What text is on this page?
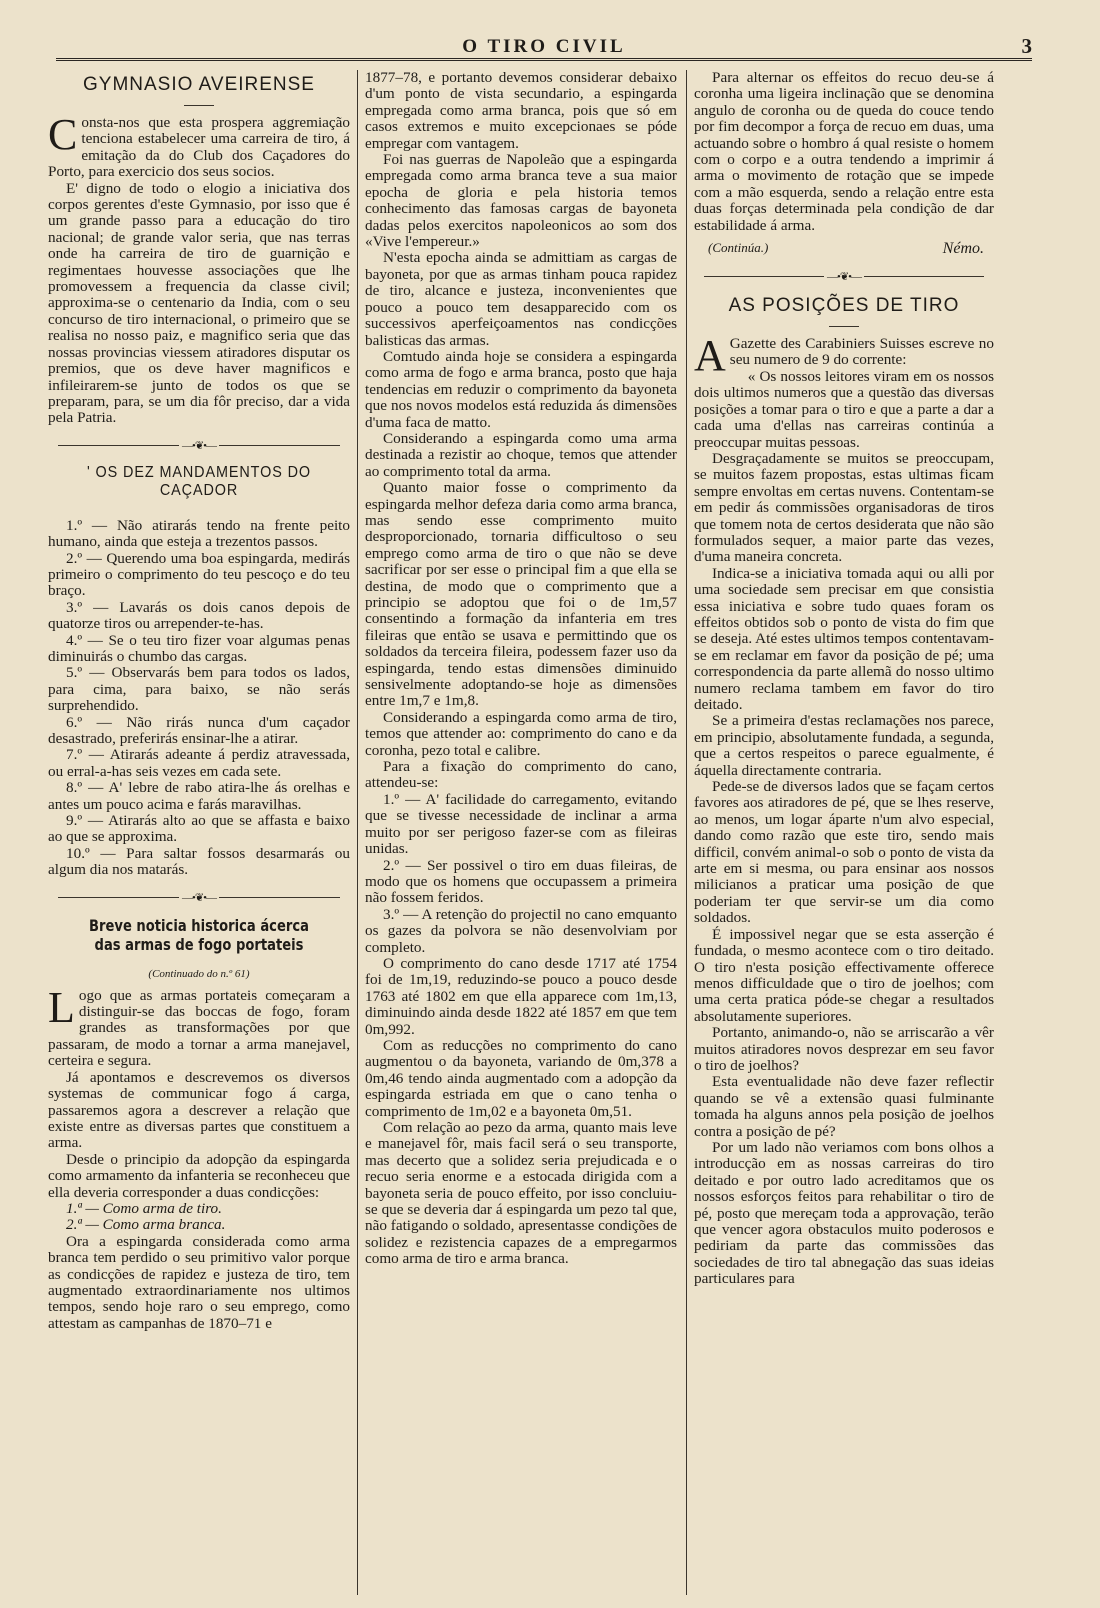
O TIRO CIVIL	3
GYMNASIO AVEIRENSE

Consta-nos que esta prospera aggremiação tenciona estabelecer uma carreira de tiro, á emitação da do Club dos Caçadores do Porto, para exercicio dos seus socios.

E' digno de todo o elogio a iniciativa dos corpos gerentes d'este Gymnasio, por isso que é um grande passo para a educação do tiro nacional; de grande valor seria, que nas terras onde ha carreira de tiro de guarnição e regimentaes houvesse associações que lhe promovessem a frequencia da classe civil; approxima-se o centenario da India, com o seu concurso de tiro internacional, o primeiro que se realisa no nosso paiz, e magnifico seria que das nossas provincias viessem atiradores disputar os premios, que os deve haver magnificos e infileirarem-se junto de todos os que se preparam, para, se um dia fôr preciso, dar a vida pela Patria.

—•❦•—
' OS DEZ MANDAMENTOS DO CAÇADOR

1.º — Não atirarás tendo na frente peito humano, ainda que esteja a trezentos passos.

2.º — Querendo uma boa espingarda, medirás primeiro o comprimento do teu pescoço e do teu braço.

3.º — Lavarás os dois canos depois de quatorze tiros ou arrepender-te-has.

4.º — Se o teu tiro fizer voar algumas penas diminuirás o chumbo das cargas.

5.º — Observarás bem para todos os lados, para cima, para baixo, se não serás surprehendido.

6.º — Não rirás nunca d'um caçador desastrado, preferirás ensinar-lhe a atirar.

7.º — Atirarás adeante á perdiz atravessada, ou erral-a-has seis vezes em cada sete.

8.º — A' lebre de rabo atira-lhe ás orelhas e antes um pouco acima e farás maravilhas.

9.º — Atirarás alto ao que se affasta e baixo ao que se approxima.

10.º — Para saltar fossos desarmarás ou algum dia nos matarás.

—•❦•—
Breve noticia historica ácerca das armas de fogo portateis
(Continuado do n.º 61)

Logo que as armas portateis começaram a distinguir-se das boccas de fogo, foram grandes as transformações por que passaram, de modo a tornar a arma manejavel, certeira e segura.

Já apontamos e descrevemos os diversos systemas de communicar fogo á carga, passaremos agora a descrever a relação que existe entre as diversas partes que constituem a arma.

Desde o principio da adopção da espingarda como armamento da infanteria se reconheceu que ella deveria corresponder a duas condicções:

1.ª — Como arma de tiro.

2.ª — Como arma branca.

Ora a espingarda considerada como arma branca tem perdido o seu primitivo valor porque as condicções de rapidez e justeza de tiro, tem augmentado extraordinariamente nos ultimos tempos, sendo hoje raro o seu emprego, como attestam as campanhas de 1870–71 e

1877–78, e portanto devemos considerar debaixo d'um ponto de vista secundario, a espingarda empregada como arma branca, pois que só em casos extremos e muito excepcionaes se póde empregar com vantagem.

Foi nas guerras de Napoleão que a espingarda empregada como arma branca teve a sua maior epocha de gloria e pela historia temos conhecimento das famosas cargas de bayoneta dadas pelos exercitos napoleonicos ao som dos «Vive l'empereur.»

N'esta epocha ainda se admittiam as cargas de bayoneta, por que as armas tinham pouca rapidez de tiro, alcance e justeza, inconvenientes que pouco a pouco tem desapparecido com os successivos aperfeiçoamentos nas condicções balisticas das armas.

Comtudo ainda hoje se considera a espingarda como arma de fogo e arma branca, posto que haja tendencias em reduzir o comprimento da bayoneta que nos novos modelos está reduzida ás dimensões d'uma faca de matto.

Considerando a espingarda como uma arma destinada a rezistir ao choque, temos que attender ao comprimento total da arma.

Quanto maior fosse o comprimento da espingarda melhor defeza daria como arma branca, mas sendo esse comprimento muito desproporcionado, tornaria difficultoso o seu emprego como arma de tiro o que não se deve sacrificar por ser esse o principal fim a que ella se destina, de modo que o comprimento que a principio se adoptou que foi o de 1m,57 consentindo a formação da infanteria em tres fileiras que então se usava e permittindo que os soldados da terceira fileira, podessem fazer uso da espingarda, tendo estas dimensões diminuido sensivelmente adoptando-se hoje as dimensões entre 1m,7 e 1m,8.

Considerando a espingarda como arma de tiro, temos que attender ao: comprimento do cano e da coronha, pezo total e calibre.

Para a fixação do comprimento do cano, attendeu-se:

1.º — A' facilidade do carregamento, evitando que se tivesse necessidade de inclinar a arma muito por ser perigoso fazer-se com as fileiras unidas.

2.º — Ser possivel o tiro em duas fileiras, de modo que os homens que occupassem a primeira não fossem feridos.

3.º — A retenção do projectil no cano emquanto os gazes da polvora se não desenvolviam por completo.

O comprimento do cano desde 1717 até 1754 foi de 1m,19, reduzindo-se pouco a pouco desde 1763 até 1802 em que ella apparece com 1m,13, diminuindo ainda desde 1822 até 1857 em que tem 0m,992.

Com as reducções no comprimento do cano augmentou o da bayoneta, variando de 0m,378 a 0m,46 tendo ainda augmentado com a adopção da espingarda estriada em que o cano tenha o comprimento de 1m,02 e a bayoneta 0m,51.

Com relação ao pezo da arma, quanto mais leve e manejavel fôr, mais facil será o seu transporte, mas decerto que a solidez seria prejudicada e o recuo seria enorme e a estocada dirigida com a bayoneta seria de pouco effeito, por isso concluiu-se que se deveria dar á espingarda um pezo tal que, não fatigando o soldado, apresentasse condições de solidez e rezistencia capazes de a empregarmos como arma de tiro e arma branca.

Para alternar os effeitos do recuo deu-se á coronha uma ligeira inclinação que se denomina angulo de coronha ou de queda do couce tendo por fim decompor a força de recuo em duas, uma actuando sobre o hombro á qual resiste o homem com o corpo e a outra tendendo a imprimir á arma o movimento de rotação que se impede com a mão esquerda, sendo a relação entre esta duas forças determinada pela condição de dar estabilidade á arma.

(Continúa.)	Némo.
—•❦•—
AS POSIÇÕES DE TIRO

A Gazette des Carabiniers Suisses escreve no seu numero de 9 do corrente:

« Os nossos leitores viram em os nossos dois ultimos numeros que a questão das diversas posições a tomar para o tiro e que a parte a dar a cada uma d'ellas nas carreiras continúa a preoccupar muitas pessoas.

Desgraçadamente se muitos se preoccupam, se muitos fazem propostas, estas ultimas ficam sempre envoltas em certas nuvens. Contentam-se em pedir ás commissões organisadoras de tiros que tomem nota de certos desiderata que não são formulados sequer, a maior parte das vezes, d'uma maneira concreta.

Indica-se a iniciativa tomada aqui ou alli por uma sociedade sem precisar em que consistia essa iniciativa e sobre tudo quaes foram os effeitos obtidos sob o ponto de vista do fim que se deseja. Até estes ultimos tempos contentavam-se em reclamar em favor da posição de pé; uma correspondencia da parte allemã do nosso ultimo numero reclama tambem em favor do tiro deitado.

Se a primeira d'estas reclamações nos parece, em principio, absolutamente fundada, a segunda, que a certos respeitos o parece egualmente, é áquella directamente contraria.

Pede-se de diversos lados que se façam certos favores aos atiradores de pé, que se lhes reserve, ao menos, um logar áparte n'um alvo especial, dando como razão que este tiro, sendo mais difficil, convém animal-o sob o ponto de vista da arte em si mesma, ou para ensinar aos nossos milicianos a praticar uma posição de que poderiam ter que servir-se um dia como soldados.

É impossivel negar que se esta asserção é fundada, o mesmo acontece com o tiro deitado. O tiro n'esta posição effectivamente offerece menos difficuldade que o tiro de joelhos; com uma certa pratica póde-se chegar a resultados absolutamente superiores.

Portanto, animando-o, não se arriscarão a vêr muitos atiradores novos desprezar em seu favor o tiro de joelhos?

Esta eventualidade não deve fazer reflectir quando se vê a extensão quasi fulminante tomada ha alguns annos pela posição de joelhos contra a posição de pé?

Por um lado não veriamos com bons olhos a introducção em as nossas carreiras do tiro deitado e por outro lado acreditamos que os nossos esforços feitos para rehabilitar o tiro de pé, posto que mereçam toda a approvação, terão que vencer agora obstaculos muito poderosos e pediriam da parte das commissões das sociedades de tiro tal abnegação das suas ideias particulares para
